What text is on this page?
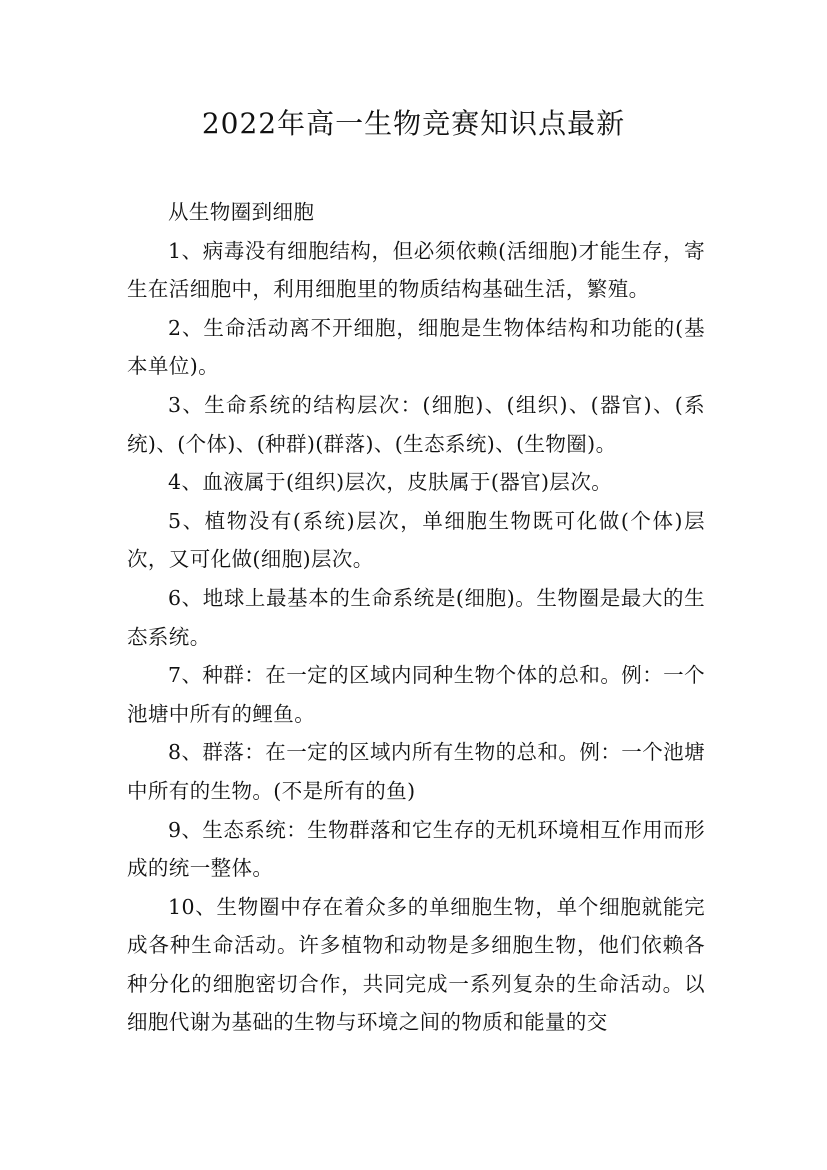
2022年高一生物竞赛知识点最新

从生物圈到细胞

1、病毒没有细胞结构，但必须依赖(活细胞)才能生存，寄生在活细胞中，利用细胞里的物质结构基础生活，繁殖。

2、生命活动离不开细胞，细胞是生物体结构和功能的(基本单位)。

3、生命系统的结构层次：(细胞)、(组织)、(器官)、(系统)、(个体)、(种群)(群落)、(生态系统)、(生物圈)。

4、血液属于(组织)层次，皮肤属于(器官)层次。

5、植物没有(系统)层次，单细胞生物既可化做(个体)层次，又可化做(细胞)层次。

6、地球上最基本的生命系统是(细胞)。生物圈是最大的生态系统。

7、种群：在一定的区域内同种生物个体的总和。例：一个池塘中所有的鲤鱼。

8、群落：在一定的区域内所有生物的总和。例：一个池塘中所有的生物。(不是所有的鱼)

9、生态系统：生物群落和它生存的无机环境相互作用而形成的统一整体。

10、生物圈中存在着众多的单细胞生物，单个细胞就能完成各种生命活动。许多植物和动物是多细胞生物，他们依赖各种分化的细胞密切合作，共同完成一系列复杂的生命活动。以细胞代谢为基础的生物与环境之间的物质和能量的交
